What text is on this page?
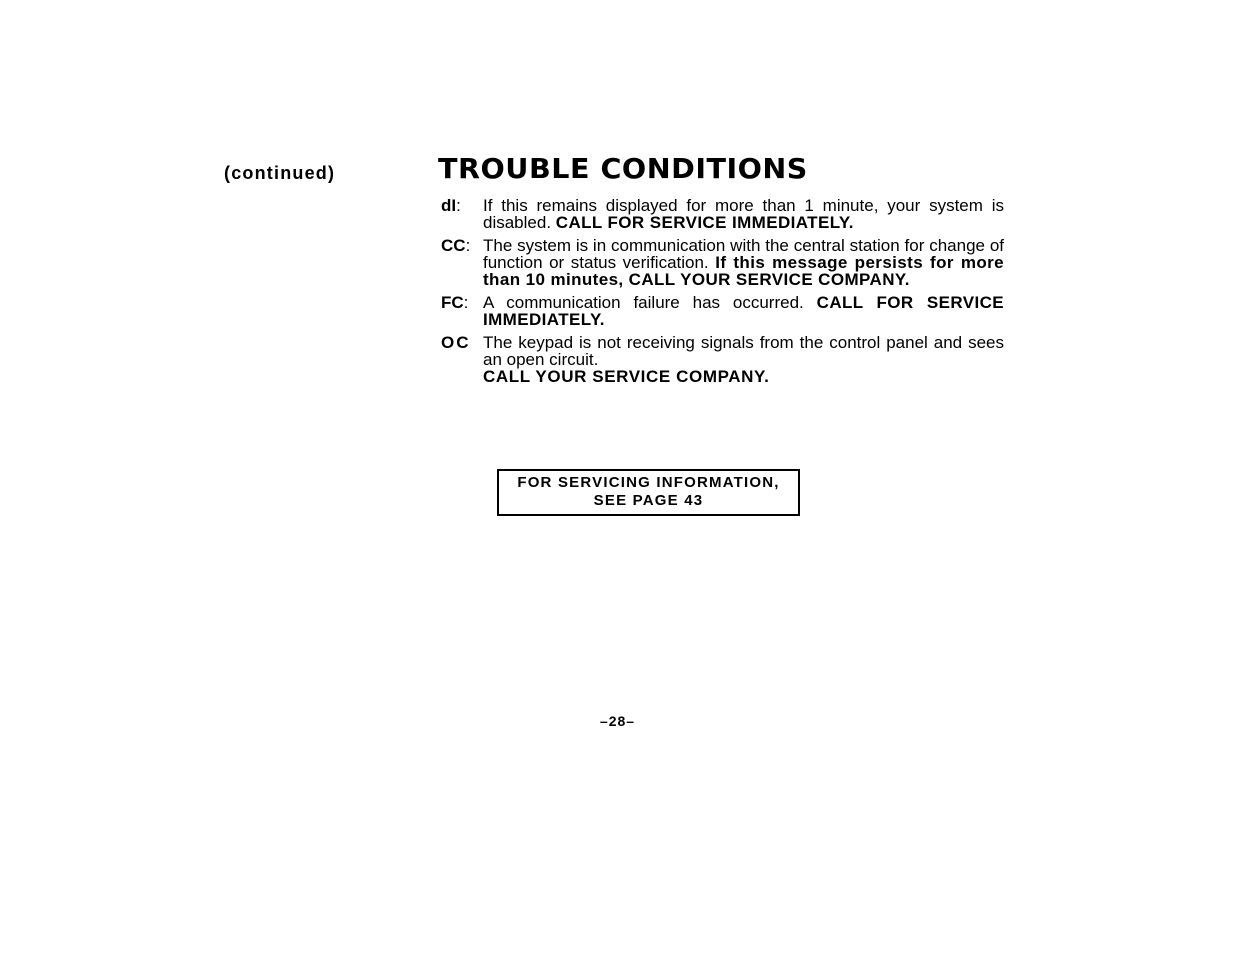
(continued)	TROUBLE CONDITIONS
dI:	If this remains displayed for more than 1 minute, your system is disabled. CALL FOR SERVICE IMMEDIATELY.
CC: The system is in communication with the central station for change of function or status verification. If this message persists for more than 10 minutes, CALL YOUR SERVICE COMPANY.
FC: A communication failure has occurred. CALL FOR SERVICE IMMEDIATELY.
OC The keypad is not receiving signals from the control panel and sees an open circuit.
CALL YOUR SERVICE COMPANY.
FOR SERVICING INFORMATION,
SEE PAGE 43
–28–
